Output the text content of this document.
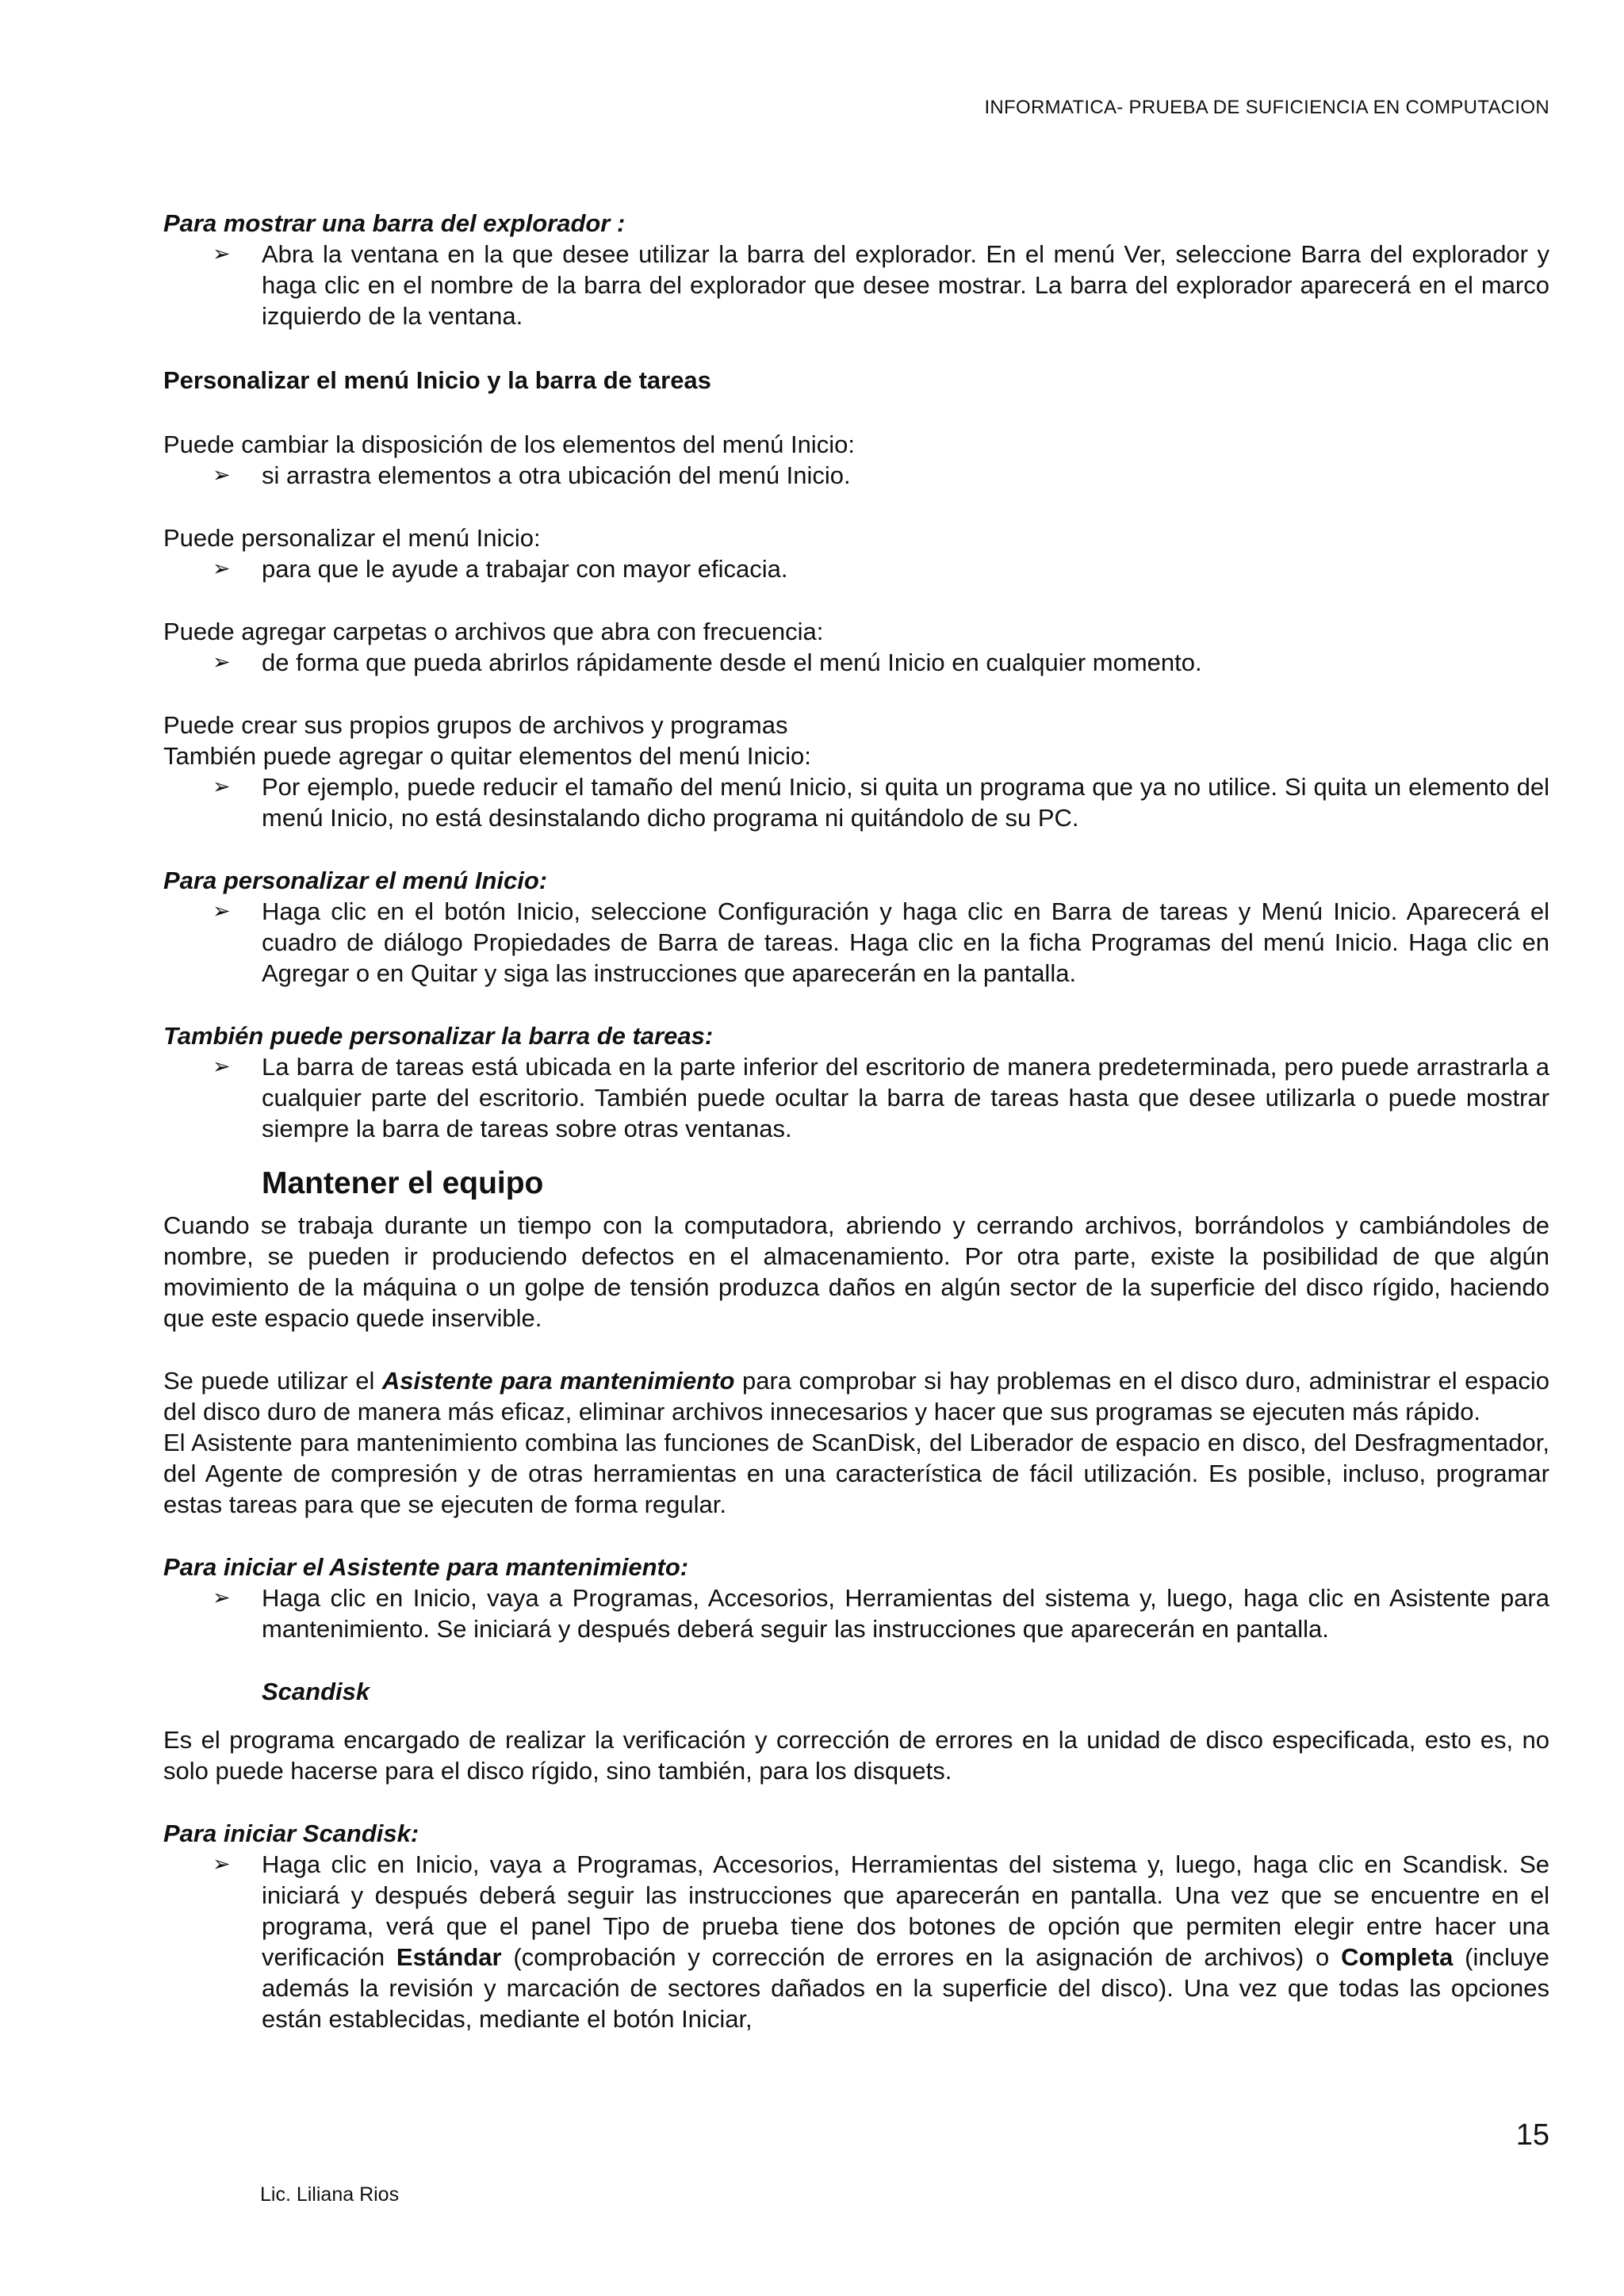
INFORMATICA- PRUEBA DE SUFICIENCIA EN COMPUTACION

Para mostrar una barra del explorador :

➢ Abra la ventana en la que desee utilizar la barra del explorador. En el menú Ver, seleccione Barra del explorador y haga clic en el nombre de la barra del explorador que desee mostrar. La barra del explorador aparecerá en el marco izquierdo de la ventana.

Personalizar el menú Inicio y la barra de tareas

Puede cambiar la disposición de los elementos del menú Inicio:

➢ si arrastra elementos a otra ubicación del menú Inicio.

Puede personalizar el menú Inicio:

➢ para que le ayude a trabajar con mayor eficacia.

Puede agregar carpetas o archivos que abra con frecuencia:

➢ de forma que pueda abrirlos rápidamente desde el menú Inicio en cualquier momento.

Puede crear sus propios grupos de archivos y programas

También puede agregar o quitar elementos del menú Inicio:

➢ Por ejemplo, puede reducir el tamaño del menú Inicio, si quita un programa que ya no utilice. Si quita un elemento del menú Inicio, no está desinstalando dicho programa ni quitándolo de su PC.

Para personalizar el menú Inicio:

➢ Haga clic en el botón Inicio, seleccione Configuración y haga clic en Barra de tareas y Menú Inicio. Aparecerá el cuadro de diálogo Propiedades de Barra de tareas. Haga clic en la ficha Programas del menú Inicio. Haga clic en Agregar o en Quitar y siga las instrucciones que aparecerán en la pantalla.

También puede personalizar la barra de tareas:

➢ La barra de tareas está ubicada en la parte inferior del escritorio de manera predeterminada, pero puede arrastrarla a cualquier parte del escritorio. También puede ocultar la barra de tareas hasta que desee utilizarla o puede mostrar siempre la barra de tareas sobre otras ventanas.

Mantener el equipo

Cuando se trabaja durante un tiempo con la computadora, abriendo y cerrando archivos, borrándolos y cambiándoles de nombre, se pueden ir produciendo defectos en el almacenamiento. Por otra parte, existe la posibilidad de que algún movimiento de la máquina o un golpe de tensión produzca daños en algún sector de la superficie del disco rígido, haciendo que este espacio quede inservible.

Se puede utilizar el Asistente para mantenimiento para comprobar si hay problemas en el disco duro, administrar el espacio del disco duro de manera más eficaz, eliminar archivos innecesarios y hacer que sus programas se ejecuten más rápido.

El Asistente para mantenimiento combina las funciones de ScanDisk, del Liberador de espacio en disco, del Desfragmentador, del Agente de compresión y de otras herramientas en una característica de fácil utilización. Es posible, incluso, programar estas tareas para que se ejecuten de forma regular.

Para iniciar el Asistente para mantenimiento:

➢ Haga clic en Inicio, vaya a Programas, Accesorios, Herramientas del sistema y, luego, haga clic en Asistente para mantenimiento. Se iniciará y después deberá seguir las instrucciones que aparecerán en pantalla.

Scandisk

Es el programa encargado de realizar la verificación y corrección de errores en la unidad de disco especificada, esto es, no solo puede hacerse para el disco rígido, sino también, para los disquets.

Para iniciar Scandisk:

➢ Haga clic en Inicio, vaya a Programas, Accesorios, Herramientas del sistema y, luego, haga clic en Scandisk. Se iniciará y después deberá seguir las instrucciones que aparecerán en pantalla. Una vez que se encuentre en el programa, verá que el panel Tipo de prueba tiene dos botones de opción que permiten elegir entre hacer una verificación Estándar (comprobación y corrección de errores en la asignación de archivos) o Completa (incluye además la revisión y marcación de sectores dañados en la superficie del disco). Una vez que todas las opciones están establecidas, mediante el botón Iniciar,
15
Lic. Liliana Rios
